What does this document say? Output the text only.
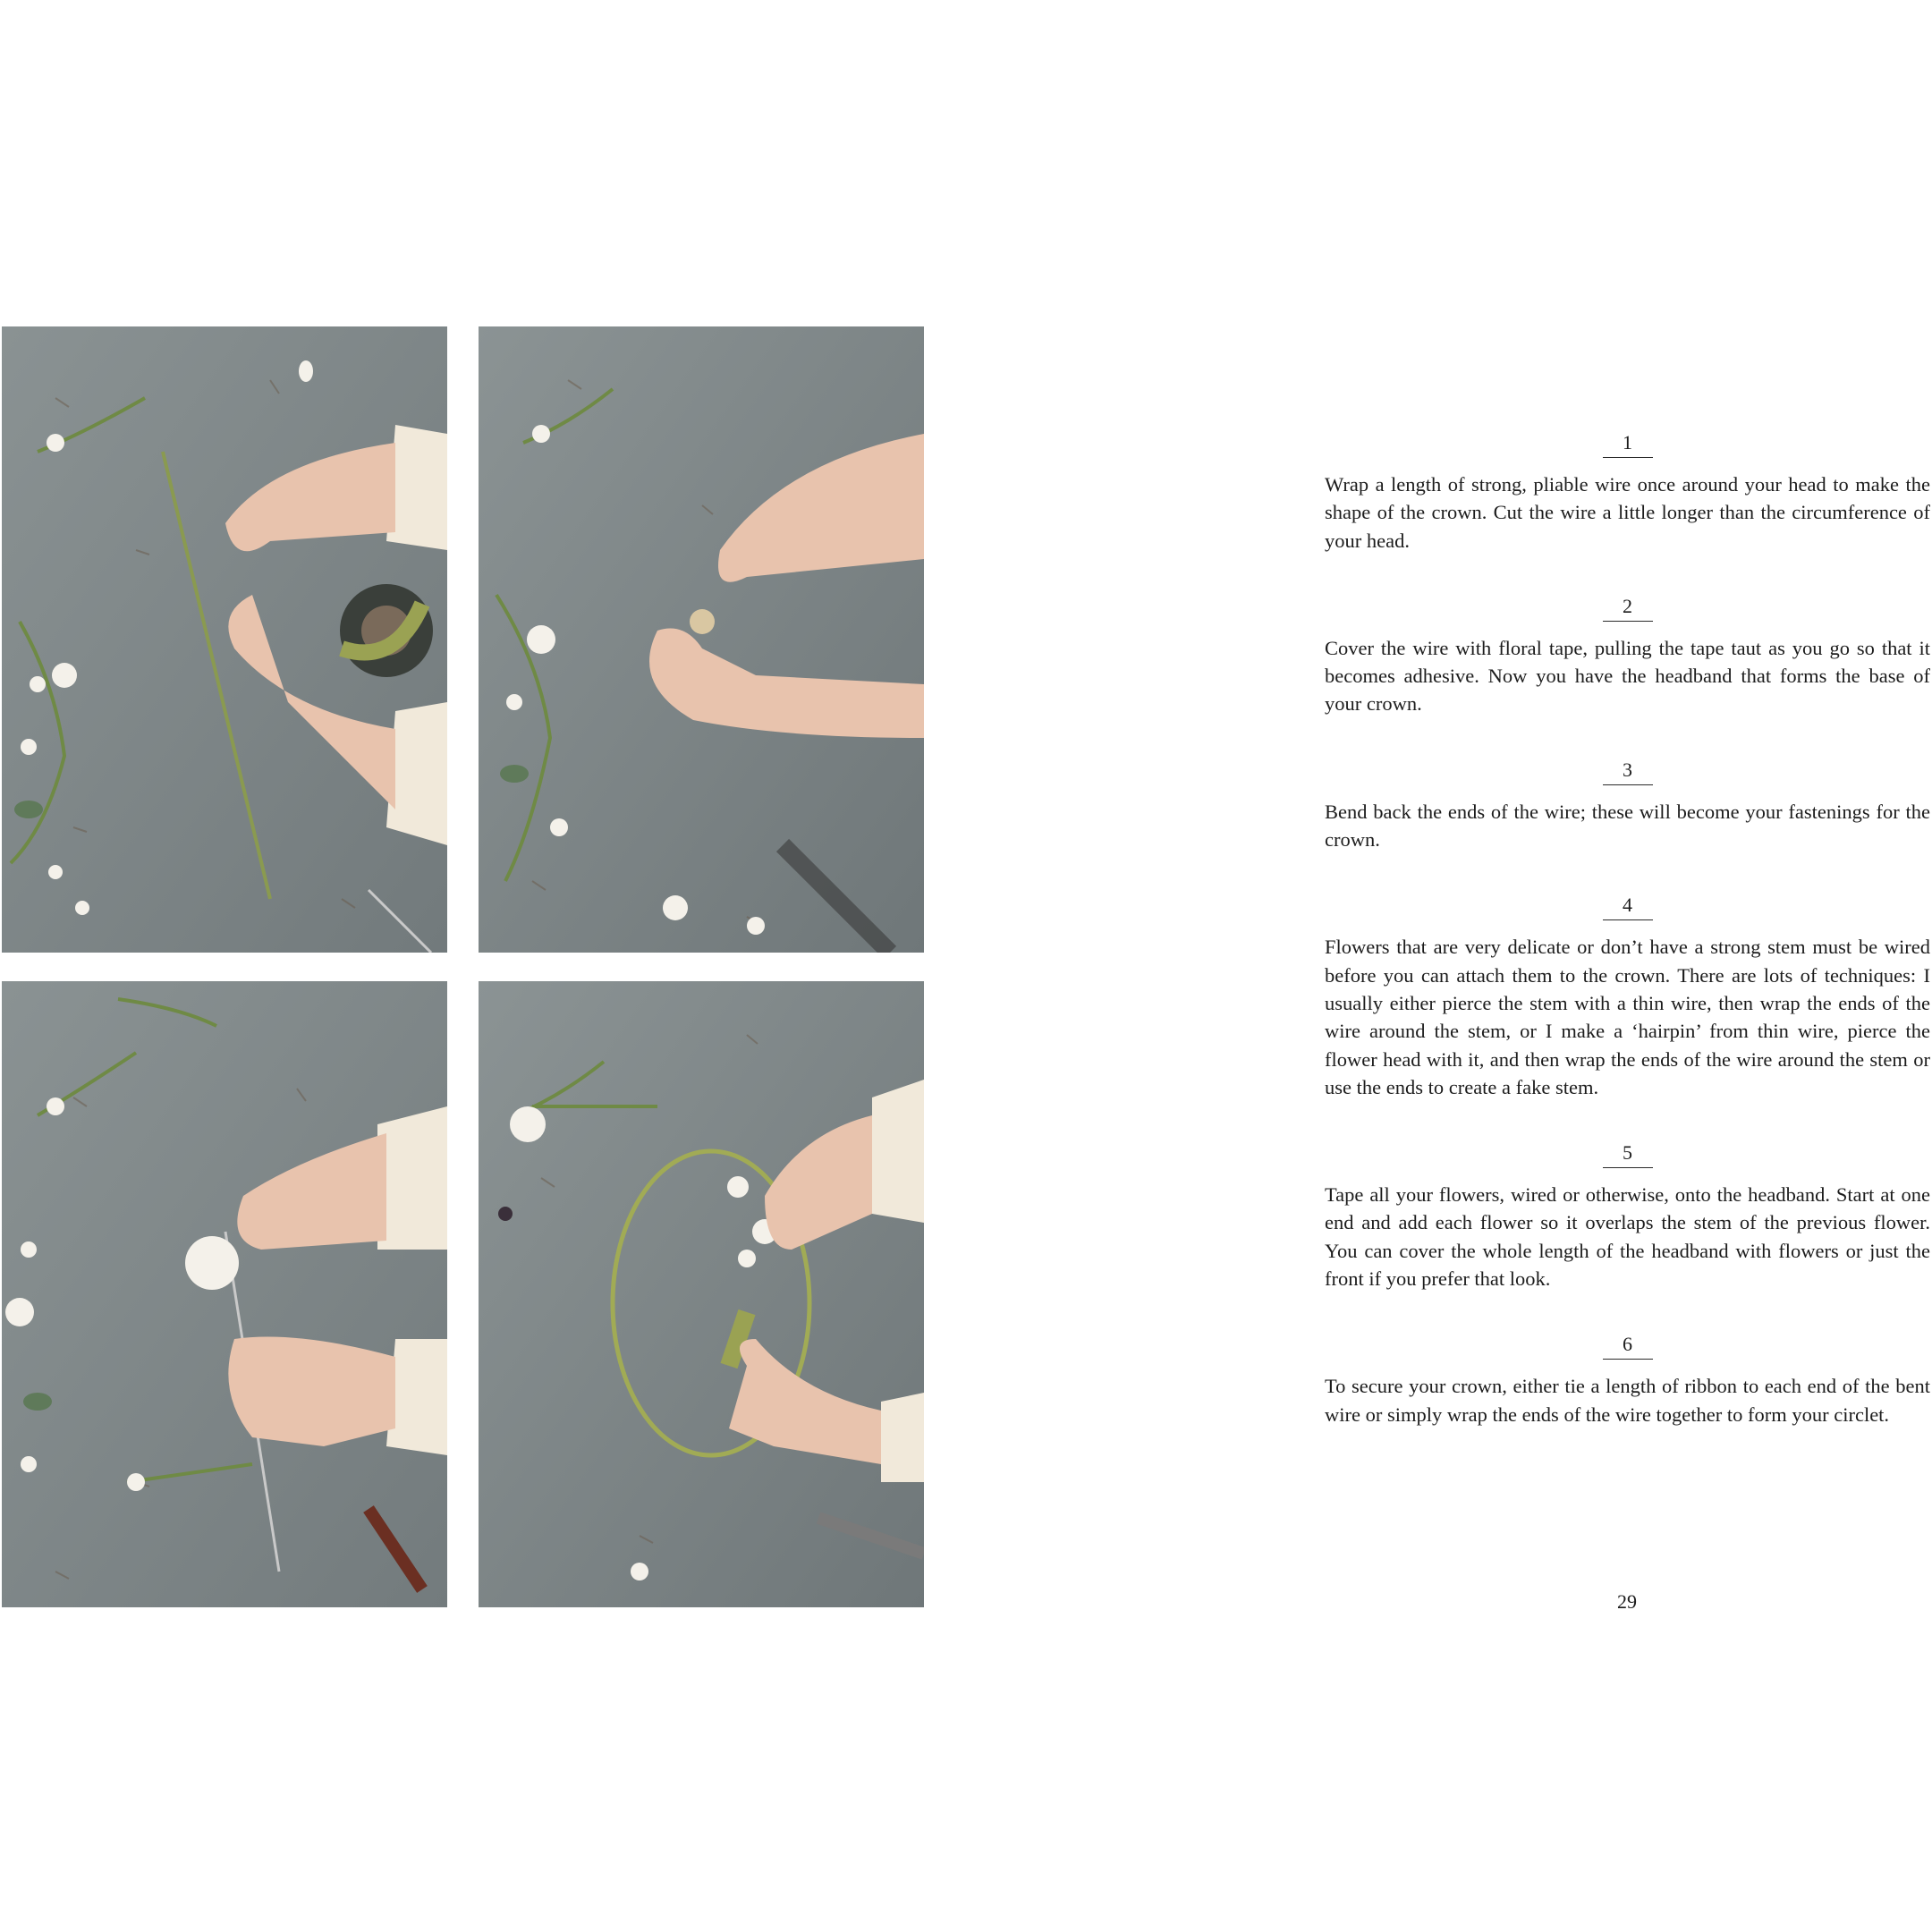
1

Wrap a length of strong, pliable wire once around your head to make the shape of the crown. Cut the wire a little longer than the circumference of your head.

2

Cover the wire with floral tape, pulling the tape taut as you go so that it becomes adhesive. Now you have the headband that forms the base of your crown.

3

Bend back the ends of the wire; these will become your fastenings for the crown.

4

Flowers that are very delicate or don’t have a strong stem must be wired before you can attach them to the crown. There are lots of techniques: I usually either pierce the stem with a thin wire, then wrap the ends of the wire around the stem, or I make a ‘hairpin’ from thin wire, pierce the flower head with it, and then wrap the ends of the wire around the stem or use the ends to create a fake stem.

5

Tape all your flowers, wired or otherwise, onto the headband. Start at one end and add each flower so it overlaps the stem of the previous flower. You can cover the whole length of the headband with flowers or just the front if you prefer that look.

6

To secure your crown, either tie a length of ribbon to each end of the bent wire or simply wrap the ends of the wire together to form your circlet.

29
